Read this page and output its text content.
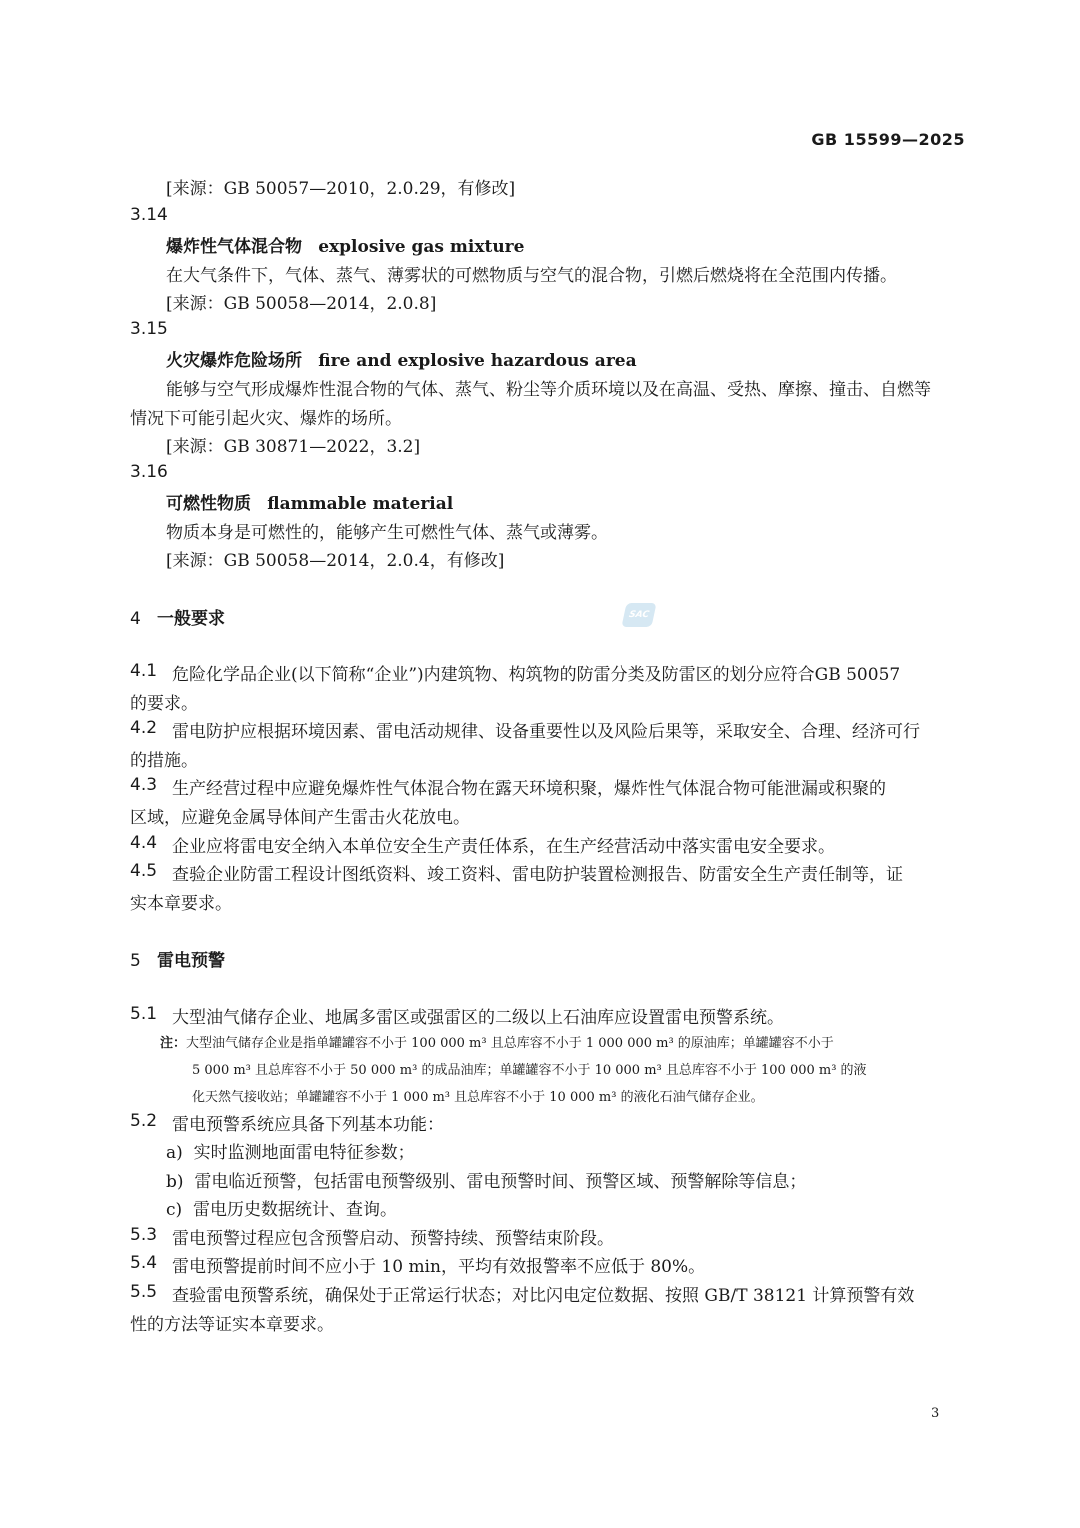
GB 15599—2025
[来源：GB 50057—2010，2.0.29，有修改]
3.14
爆炸性气体混合物 explosive gas mixture
在大气条件下，气体、蒸气、薄雾状的可燃物质与空气的混合物，引燃后燃烧将在全范围内传播。
[来源：GB 50058—2014，2.0.8]
3.15
火灾爆炸危险场所 fire and explosive hazardous area
能够与空气形成爆炸性混合物的气体、蒸气、粉尘等介质环境以及在高温、受热、摩擦、撞击、自燃等
情况下可能引起火灾、爆炸的场所。
[来源：GB 30871—2022，3.2]
3.16
可燃性物质 flammable material
物质本身是可燃性的，能够产生可燃性气体、蒸气或薄雾。
[来源：GB 50058—2014，2.0.4，有修改]
4 一般要求	SAC
4.1 危险化学品企业(以下简称“企业”)内建筑物、构筑物的防雷分类及防雷区的划分应符合GB 50057
的要求。
4.2 雷电防护应根据环境因素、雷电活动规律、设备重要性以及风险后果等，采取安全、合理、经济可行
的措施。
4.3 生产经营过程中应避免爆炸性气体混合物在露天环境积聚，爆炸性气体混合物可能泄漏或积聚的
区域，应避免金属导体间产生雷击火花放电。
4.4 企业应将雷电安全纳入本单位安全生产责任体系，在生产经营活动中落实雷电安全要求。
4.5 查验企业防雷工程设计图纸资料、竣工资料、雷电防护装置检测报告、防雷安全生产责任制等，证
实本章要求。
5 雷电预警
5.1 大型油气储存企业、地属多雷区或强雷区的二级以上石油库应设置雷电预警系统。
注：大型油气储存企业是指单罐罐容不小于 100 000 m³ 且总库容不小于 1 000 000 m³ 的原油库；单罐罐容不小于
5 000 m³ 且总库容不小于 50 000 m³ 的成品油库；单罐罐容不小于 10 000 m³ 且总库容不小于 100 000 m³ 的液
化天然气接收站；单罐罐容不小于 1 000 m³ 且总库容不小于 10 000 m³ 的液化石油气储存企业。
5.2 雷电预警系统应具备下列基本功能：
a) 实时监测地面雷电特征参数；
b) 雷电临近预警，包括雷电预警级别、雷电预警时间、预警区域、预警解除等信息；
c) 雷电历史数据统计、查询。
5.3 雷电预警过程应包含预警启动、预警持续、预警结束阶段。
5.4 雷电预警提前时间不应小于 10 min，平均有效报警率不应低于 80%。
5.5 查验雷电预警系统，确保处于正常运行状态；对比闪电定位数据、按照 GB/T 38121 计算预警有效
性的方法等证实本章要求。
3
